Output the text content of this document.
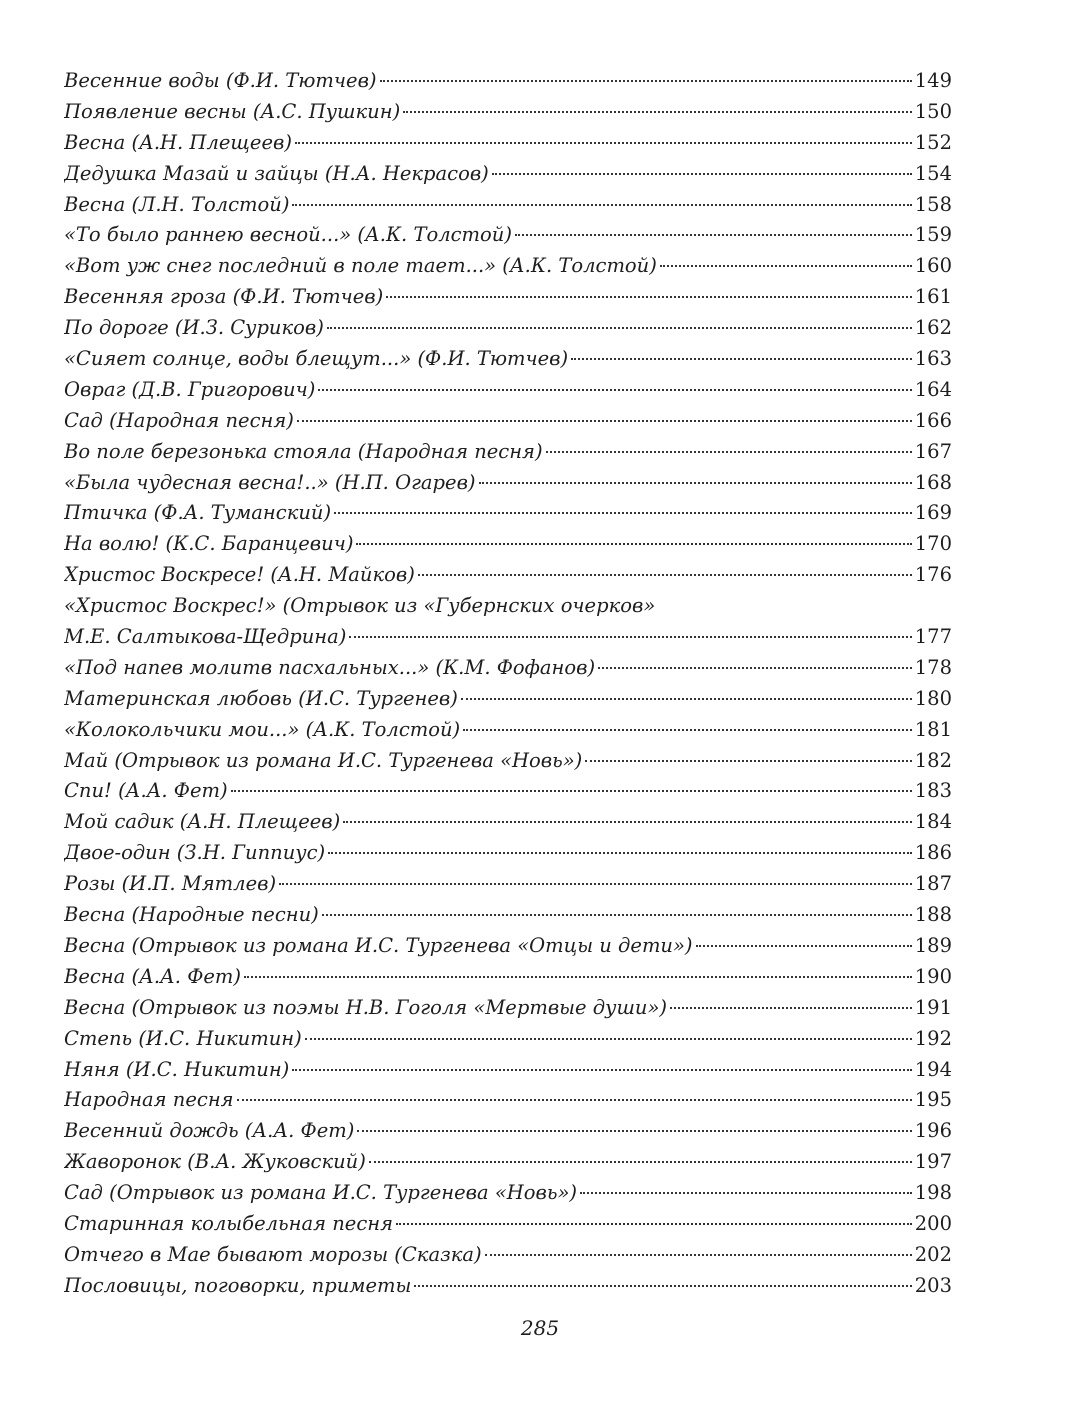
Весенние воды (Ф.И. Тютчев)	149
Появление весны (А.С. Пушкин)	150
Весна (А.Н. Плещеев)	152
Дедушка Мазай и зайцы (Н.А. Некрасов)	154
Весна (Л.Н. Толстой)	158
«То было раннею весной...» (А.К. Толстой)	159
«Вот уж снег последний в поле тает...» (А.К. Толстой)	160
Весенняя гроза (Ф.И. Тютчев)	161
По дороге (И.З. Суриков)	162
«Сияет солнце, воды блещут...» (Ф.И. Тютчев)	163
Овраг (Д.В. Григорович)	164
Сад (Народная песня)	166
Во поле березонька стояла (Народная песня)	167
«Была чудесная весна!..» (Н.П. Огарев)	168
Птичка (Ф.А. Туманский)	169
На волю! (К.С. Баранцевич)	170
Христос Воскресе! (А.Н. Майков)	176
«Христос Воскрес!» (Отрывок из «Губернских очерков»
М.Е. Салтыкова-Щедрина)	177
«Под напев молитв пасхальных...» (К.М. Фофанов)	178
Материнская любовь (И.С. Тургенев)	180
«Колокольчики мои...» (А.К. Толстой)	181
Май (Отрывок из романа И.С. Тургенева «Новь»)	182
Спи! (А.А. Фет)	183
Мой садик (А.Н. Плещеев)	184
Двое-один (З.Н. Гиппиус)	186
Розы (И.П. Мятлев)	187
Весна (Народные песни)	188
Весна (Отрывок из романа И.С. Тургенева «Отцы и дети»)	189
Весна (А.А. Фет)	190
Весна (Отрывок из поэмы Н.В. Гоголя «Мертвые души»)	191
Степь (И.С. Никитин)	192
Няня (И.С. Никитин)	194
Народная песня	195
Весенний дождь (А.А. Фет)	196
Жаворонок (В.А. Жуковский)	197
Сад (Отрывок из романа И.С. Тургенева «Новь»)	198
Старинная колыбельная песня	200
Отчего в Мае бывают морозы (Сказка)	202
Пословицы, поговорки, приметы	203
285
